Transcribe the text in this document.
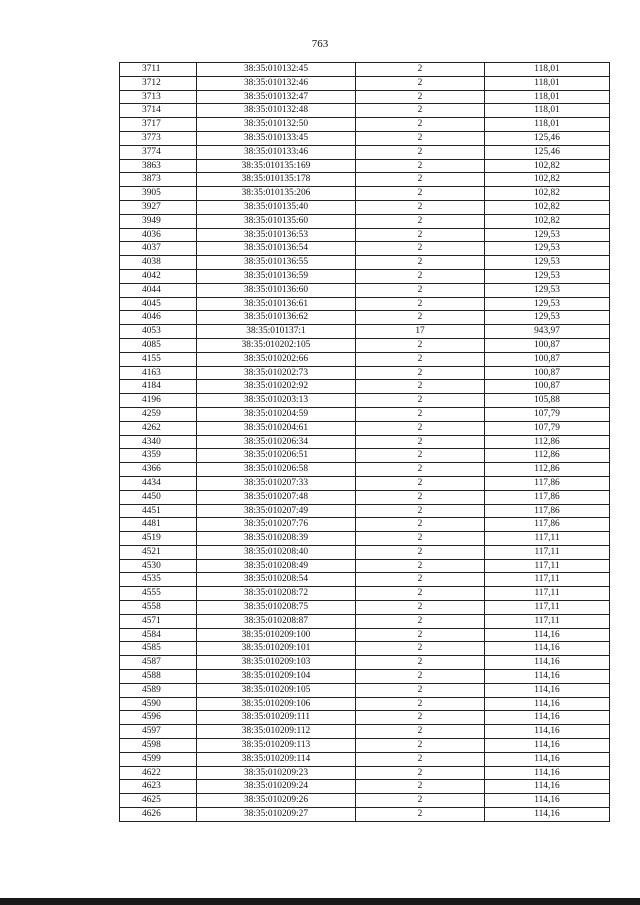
763
3711	38:35:010132:45	2	118,01
3712	38:35:010132:46	2	118,01
3713	38:35:010132:47	2	118,01
3714	38:35:010132:48	2	118,01
3717	38:35:010132:50	2	118,01
3773	38:35:010133:45	2	125,46
3774	38:35:010133:46	2	125,46
3863	38:35:010135:169	2	102,82
3873	38:35:010135:178	2	102,82
3905	38:35:010135:206	2	102,82
3927	38:35:010135:40	2	102,82
3949	38:35:010135:60	2	102,82
4036	38:35:010136:53	2	129,53
4037	38:35:010136:54	2	129,53
4038	38:35:010136:55	2	129,53
4042	38:35:010136:59	2	129,53
4044	38:35:010136:60	2	129,53
4045	38:35:010136:61	2	129,53
4046	38:35:010136:62	2	129,53
4053	38:35:010137:1	17	943,97
4085	38:35:010202:105	2	100,87
4155	38:35:010202:66	2	100,87
4163	38:35:010202:73	2	100,87
4184	38:35:010202:92	2	100,87
4196	38:35:010203:13	2	105,88
4259	38:35:010204:59	2	107,79
4262	38:35:010204:61	2	107,79
4340	38:35:010206:34	2	112,86
4359	38:35:010206:51	2	112,86
4366	38:35:010206:58	2	112,86
4434	38:35:010207:33	2	117,86
4450	38:35:010207:48	2	117,86
4451	38:35:010207:49	2	117,86
4481	38:35:010207:76	2	117,86
4519	38:35:010208:39	2	117,11
4521	38:35:010208:40	2	117,11
4530	38:35:010208:49	2	117,11
4535	38:35:010208:54	2	117,11
4555	38:35:010208:72	2	117,11
4558	38:35:010208:75	2	117,11
4571	38:35:010208:87	2	117,11
4584	38:35:010209:100	2	114,16
4585	38:35:010209:101	2	114,16
4587	38:35:010209:103	2	114,16
4588	38:35:010209:104	2	114,16
4589	38:35:010209:105	2	114,16
4590	38:35:010209:106	2	114,16
4596	38:35:010209:111	2	114,16
4597	38:35:010209:112	2	114,16
4598	38:35:010209:113	2	114,16
4599	38:35:010209:114	2	114,16
4622	38:35:010209:23	2	114,16
4623	38:35:010209:24	2	114,16
4625	38:35:010209:26	2	114,16
4626	38:35:010209:27	2	114,16
